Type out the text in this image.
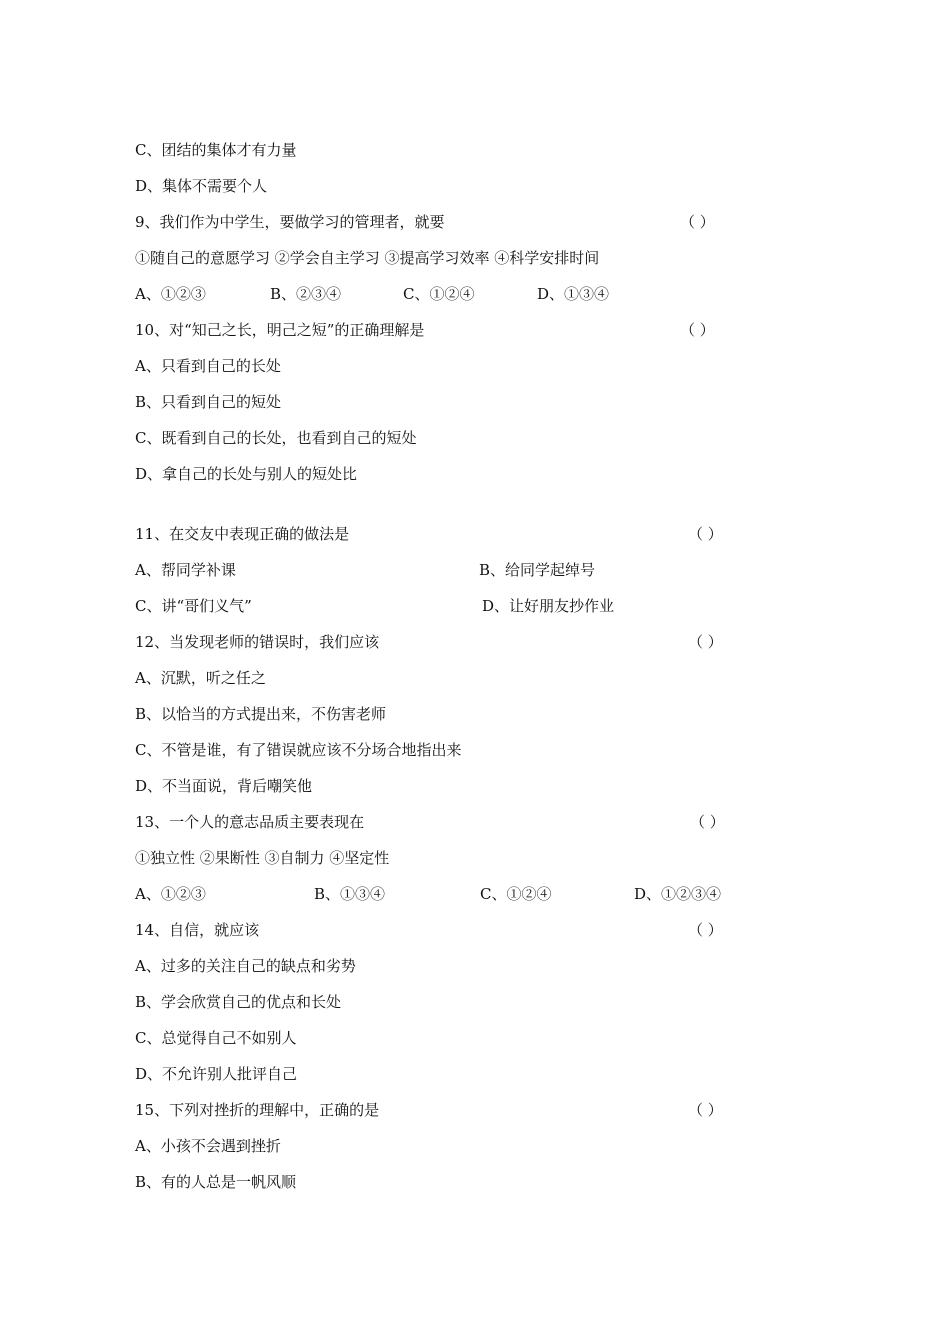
C、团结的集体才有力量
D、集体不需要个人
9、我们作为中学生，要做学习的管理者，就要	（ ）
①随自己的意愿学习 ②学会自主学习 ③提高学习效率 ④科学安排时间
A、①②③	B、②③④	C、①②④	D、①③④
10、对“知己之长，明己之短”的正确理解是	（ ）
A、只看到自己的长处
B、只看到自己的短处
C、既看到自己的长处，也看到自己的短处
D、拿自己的长处与别人的短处比
11、在交友中表现正确的做法是	（ ）
A、帮同学补课	B、给同学起绰号
C、讲“哥们义气”	D、让好朋友抄作业
12、当发现老师的错误时，我们应该	（ ）
A、沉默，听之任之
B、以恰当的方式提出来，不伤害老师
C、不管是谁，有了错误就应该不分场合地指出来
D、不当面说，背后嘲笑他
13、一个人的意志品质主要表现在	（ ）
①独立性 ②果断性 ③自制力 ④坚定性
A、①②③	B、①③④	C、①②④	D、①②③④
14、自信，就应该	（ ）
A、过多的关注自己的缺点和劣势
B、学会欣赏自己的优点和长处
C、总觉得自己不如别人
D、不允许别人批评自己
15、下列对挫折的理解中，正确的是	（ ）
A、小孩不会遇到挫折
B、有的人总是一帆风顺
